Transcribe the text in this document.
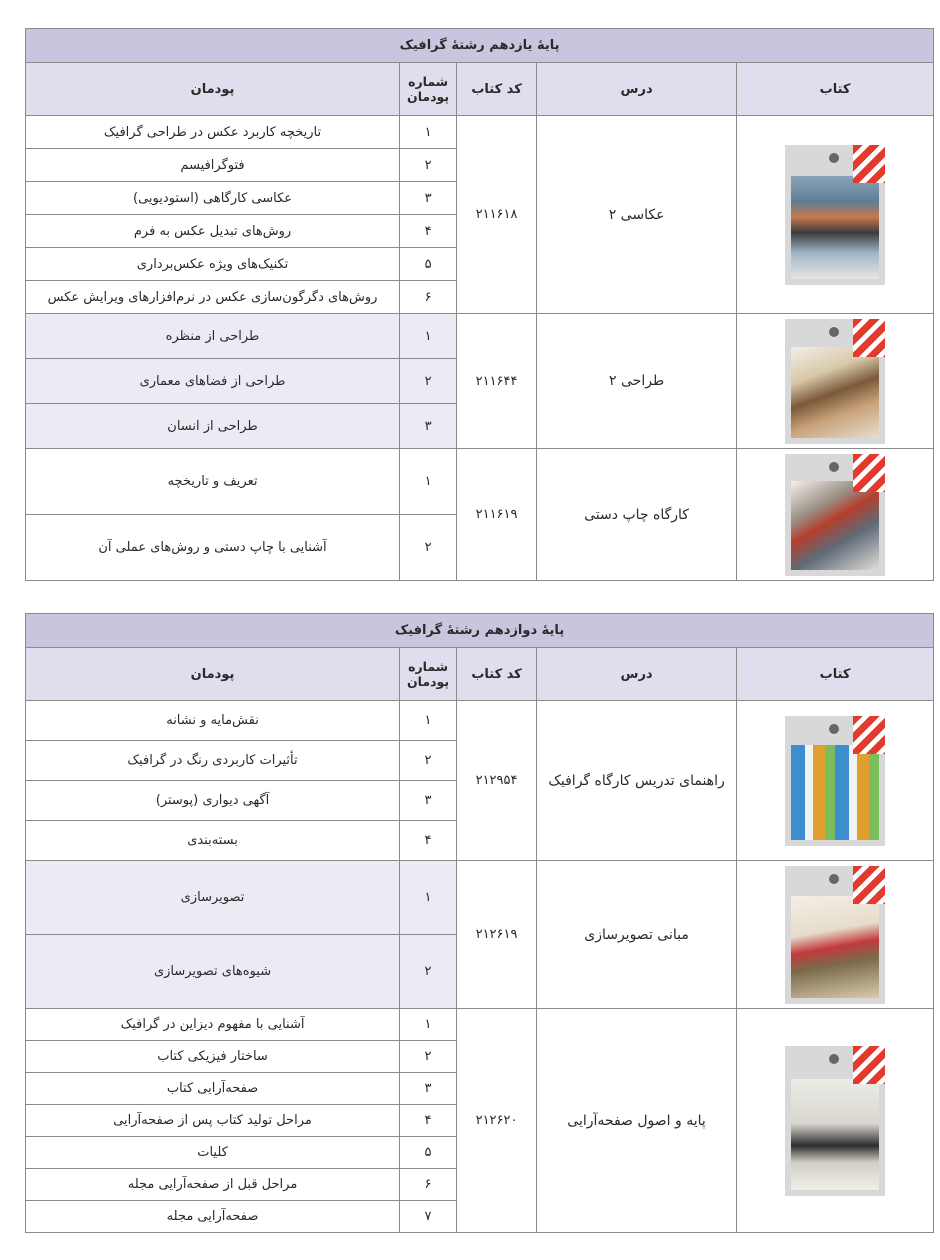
پایهٔ یازدهم رشتهٔ گرافیک				
کتاب	درس	کد کتاب	شماره پودمان	پودمان

	عکاسی ۲	۲۱۱۶۱۸	۱	تاریخچه کاربرد عکس در طراحی گرافیک
			۲	فتوگرافیسم
			۳	عکاسی کارگاهی (استودیویی)
			۴	روش‌های تبدیل عکس به فرم
			۵	تکنیک‌های ویژه عکس‌برداری
			۶	روش‌های دگرگون‌سازی عکس در نرم‌افزارهای ویرایش عکس

	طراحی ۲	۲۱۱۶۴۴	۱	طراحی از منظره
			۲	طراحی از فضاهای معماری
			۳	طراحی از انسان

	کارگاه چاپ دستی	۲۱۱۶۱۹	۱	تعریف و تاریخچه
			۲	آشنایی با چاپ دستی و روش‌های عملی آن
پایهٔ دوازدهم رشتهٔ گرافیک				
کتاب	درس	کد کتاب	شماره پودمان	پودمان

	راهنمای تدریس کارگاه گرافیک	۲۱۲۹۵۴	۱	نقش‌مایه و نشانه
			۲	تأثیرات کاربردی رنگ در گرافیک
			۳	آگهی دیواری (پوستر)
			۴	بسته‌بندی

	مبانی تصویرسازی	۲۱۲۶۱۹	۱	تصویرسازی
			۲	شیوه‌های تصویرسازی

	پایه و اصول صفحه‌آرایی	۲۱۲۶۲۰	۱	آشنایی با مفهوم دیزاین در گرافیک
			۲	ساختار فیزیکی کتاب
			۳	صفحه‌آرایی کتاب
			۴	مراحل تولید کتاب پس از صفحه‌آرایی
			۵	کلیات
			۶	مراحل قبل از صفحه‌آرایی مجله
			۷	صفحه‌آرایی مجله
